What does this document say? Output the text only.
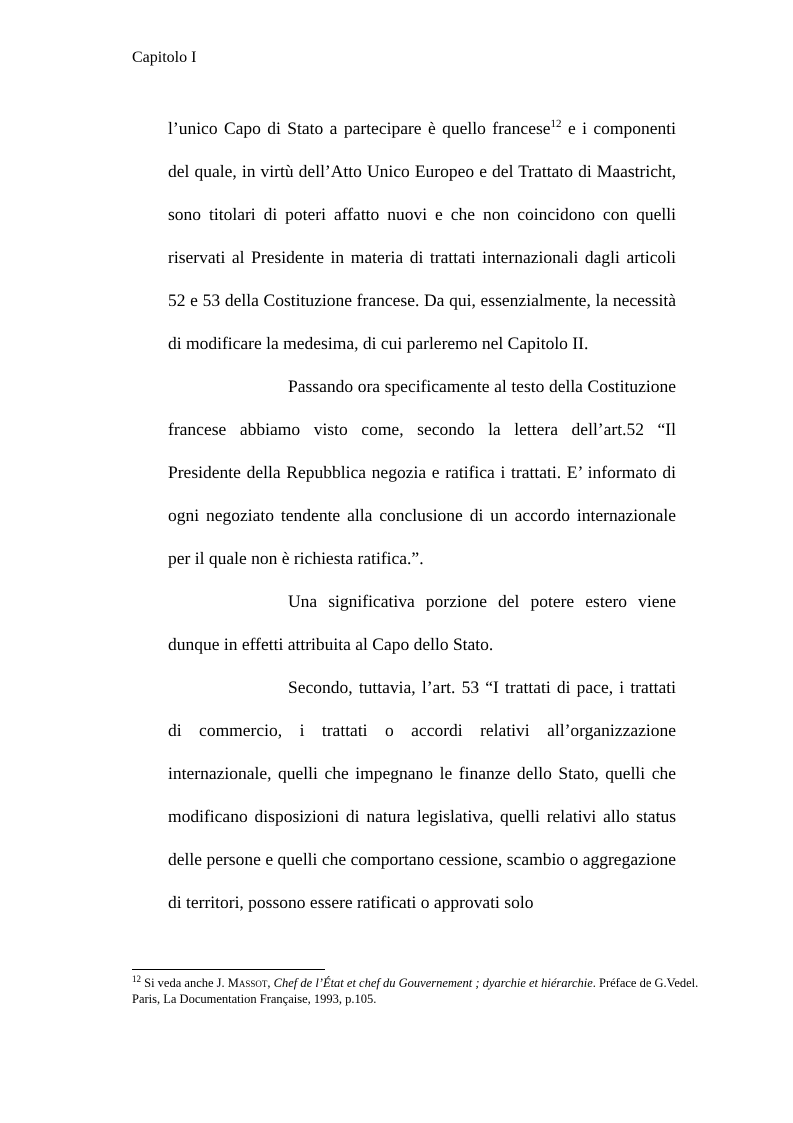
Capitolo I

l’unico Capo di Stato a partecipare è quello francese$^{12}$ e i componenti del quale, in virtù dell’Atto Unico Europeo e del Trattato di Maastricht, sono titolari di poteri affatto nuovi e che non coincidono con quelli riservati al Presidente in materia di trattati internazionali dagli articoli 52 e 53 della Costituzione francese. Da qui, essenzialmente, la necessità di modificare la medesima, di cui parleremo nel Capitolo II.

Passando ora specificamente al testo della Costituzione francese abbiamo visto come, secondo la lettera dell’art.52 “Il Presidente della Repubblica negozia e ratifica i trattati. E’ informato di ogni negoziato tendente alla conclusione di un accordo internazionale per il quale non è richiesta ratifica.”.

Una significativa porzione del potere estero viene dunque in effetti attribuita al Capo dello Stato.

Secondo, tuttavia, l’art. 53 “I trattati di pace, i trattati di commercio, i trattati o accordi relativi all’organizzazione internazionale, quelli che impegnano le finanze dello Stato, quelli che modificano disposizioni di natura legislativa, quelli relativi allo status delle persone e quelli che comportano cessione, scambio o aggregazione di territori, possono essere ratificati o approvati solo

$^{12}$ Si veda anche J. Massot, Chef de l’État et chef du Gouvernement ; dyarchie et hiérarchie. Préface de G.Vedel. Paris, La Documentation Française, 1993, p.105.
